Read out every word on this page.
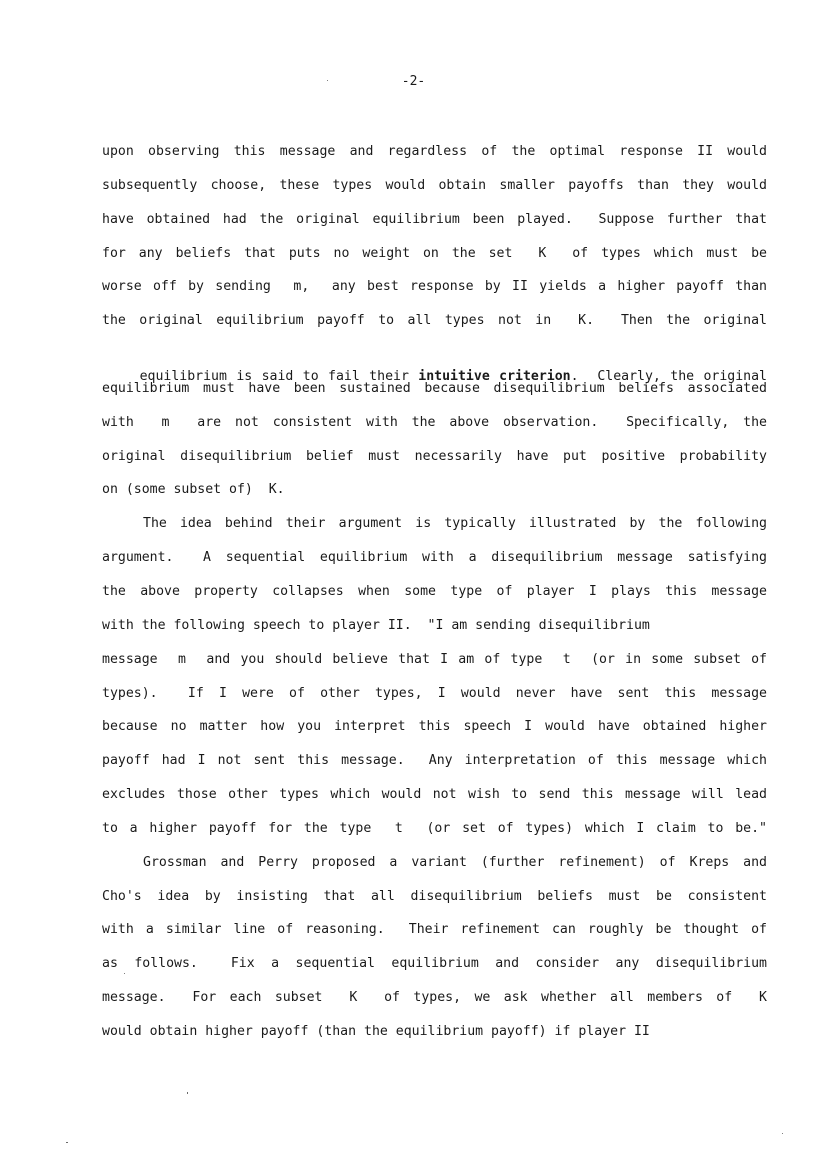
-2-
upon observing this message and regardless of the optimal response II would
subsequently choose, these types would obtain smaller payoffs than they would
have obtained had the original equilibrium been played.  Suppose further that
for any beliefs that puts no weight on the set  K  of types which must be
worse off by sending  m,  any best response by II yields a higher payoff than
the original equilibrium payoff to all types not in  K.  Then the original

equilibrium is said to fail their intuitive criterion.  Clearly, the original

equilibrium must have been sustained because disequilibrium beliefs associated
with  m  are not consistent with the above observation.  Specifically, the
original disequilibrium belief must necessarily have put positive probability
on (some subset of)  K.
The idea behind their argument is typically illustrated by the following
argument.  A sequential equilibrium with a disequilibrium message satisfying
the above property collapses when some type of player I plays this message
with the following speech to player II.  "I am sending disequilibrium
message  m  and you should believe that I am of type  t  (or in some subset of
types).  If I were of other types, I would never have sent this message
because no matter how you interpret this speech I would have obtained higher
payoff had I not sent this message.  Any interpretation of this message which
excludes those other types which would not wish to send this message will lead
to a higher payoff for the type  t  (or set of types) which I claim to be."
Grossman and Perry proposed a variant (further refinement) of Kreps and
Cho's idea by insisting that all disequilibrium beliefs must be consistent
with a similar line of reasoning.  Their refinement can roughly be thought of
as follows.  Fix a sequential equilibrium and consider any disequilibrium
message.  For each subset  K  of types, we ask whether all members of  K
would obtain higher payoff (than the equilibrium payoff) if player II
